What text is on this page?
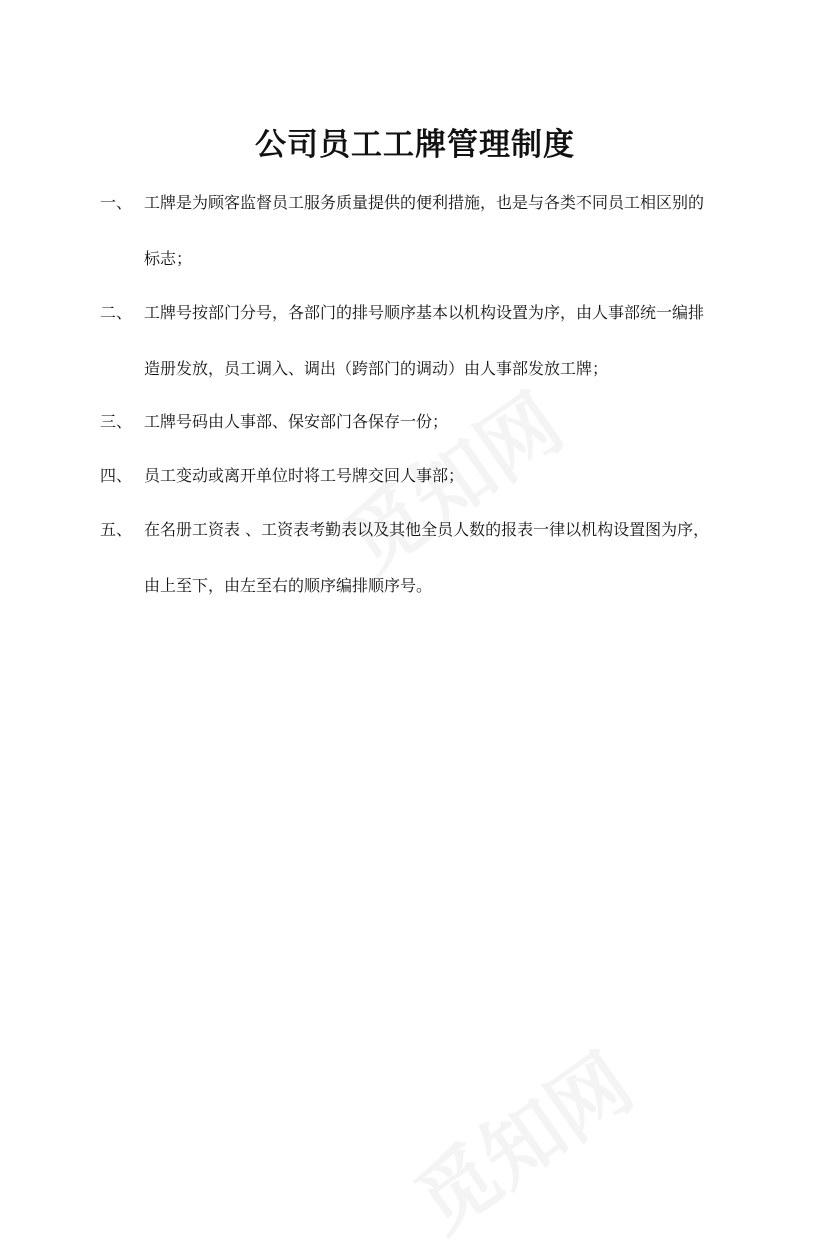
公司员工工牌管理制度
一、 工牌是为顾客监督员工服务质量提供的便利措施，也是与各类不同员工相区别的
标志；
二、 工牌号按部门分号，各部门的排号顺序基本以机构设置为序，由人事部统一编排
造册发放，员工调入、调出（跨部门的调动）由人事部发放工牌；
三、 工牌号码由人事部、保安部门各保存一份；
四、 员工变动或离开单位时将工号牌交回人事部；
五、 在名册工资表 、工资表考勤表以及其他全员人数的报表一律以机构设置图为序，
由上至下，由左至右的顺序编排顺序号。
